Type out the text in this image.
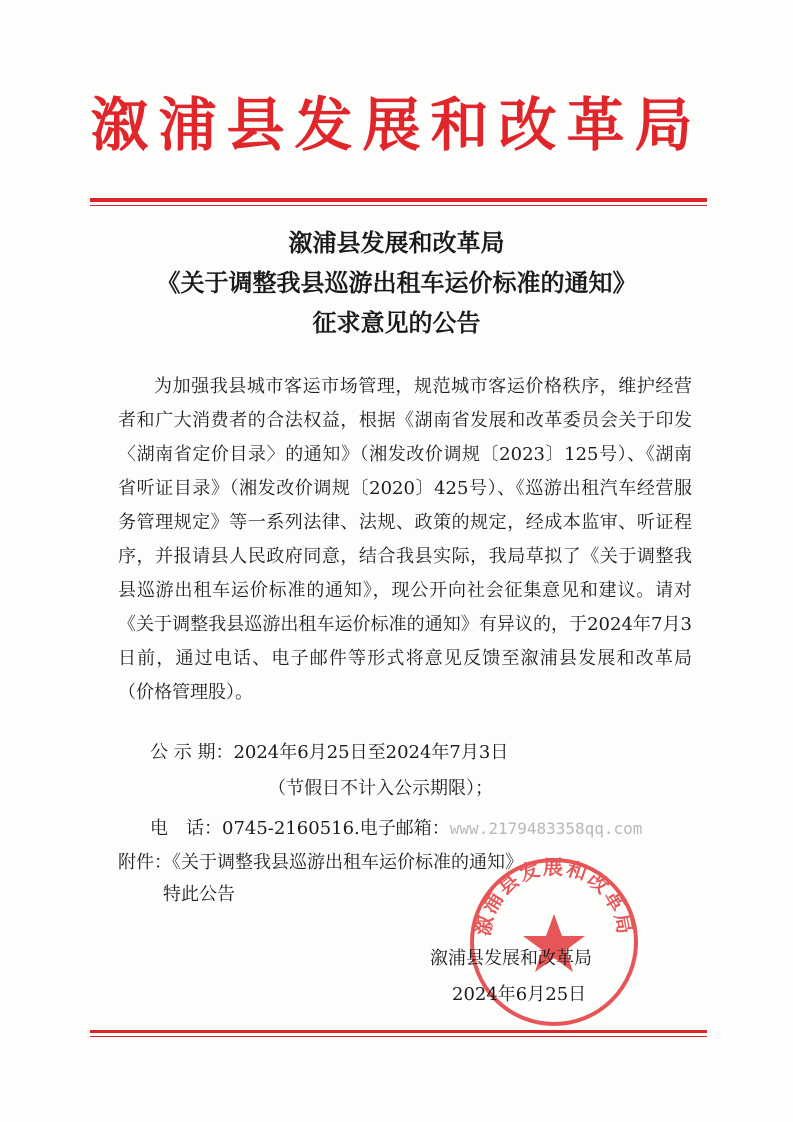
溆浦县发展和改革局
溆浦县发展和改革局
《关于调整我县巡游出租车运价标准的通知》
征求意见的公告

为加强我县城市客运市场管理，规范城市客运价格秩序，维护经营者和广大消费者的合法权益，根据《湖南省发展和改革委员会关于印发〈湖南省定价目录〉的通知》（湘发改价调规〔2023〕125号）、《湖南省听证目录》（湘发改价调规〔2020〕425号）、《巡游出租汽车经营服务管理规定》等一系列法律、法规、政策的规定，经成本监审、听证程序，并报请县人民政府同意，结合我县实际，我局草拟了《关于调整我县巡游出租车运价标准的通知》，现公开向社会征集意见和建议。请对《关于调整我县巡游出租车运价标准的通知》有异议的，于2024年7月3日前，通过电话、电子邮件等形式将意见反馈至溆浦县发展和改革局（价格管理股）。

公 示 期：2024年6月25日至2024年7月3日
（节假日不计入公示期限）；
电　话：0745-2160516.电子邮箱：www.2179483358qq.com
附件：《关于调整我县巡游出租车运价标准的通知》
特此公告
溆浦县发展和改革局
溆浦县发展和改革局
2024年6月25日
